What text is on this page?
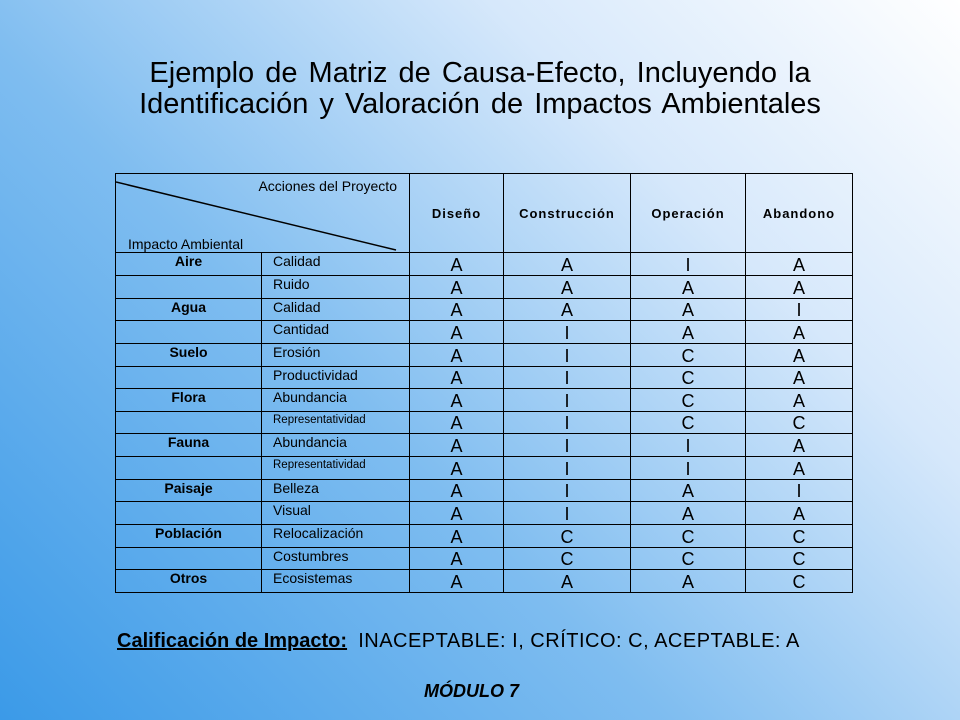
Ejemplo de Matriz de Causa-Efecto, Incluyendo la
Identificación y Valoración de Impactos Ambientales
Acciones del Proyecto
Impacto Ambiental		Diseño	Construcción	Operación	Abandono
Aire	Calidad	A	A	I	A
	Ruido	A	A	A	A
Agua	Calidad	A	A	A	I
	Cantidad	A	I	A	A
Suelo	Erosión	A	I	C	A
	Productividad	A	I	C	A
Flora	Abundancia	A	I	C	A
	Representatividad	A	I	C	C
Fauna	Abundancia	A	I	I	A
	Representatividad	A	I	I	A
Paisaje	Belleza	A	I	A	I
	Visual	A	I	A	A
Población	Relocalización	A	C	C	C
	Costumbres	A	C	C	C
Otros	Ecosistemas	A	A	A	C
Calificación de Impacto: INACEPTABLE: I, CRÍTICO: C, ACEPTABLE: A
MÓDULO 7
